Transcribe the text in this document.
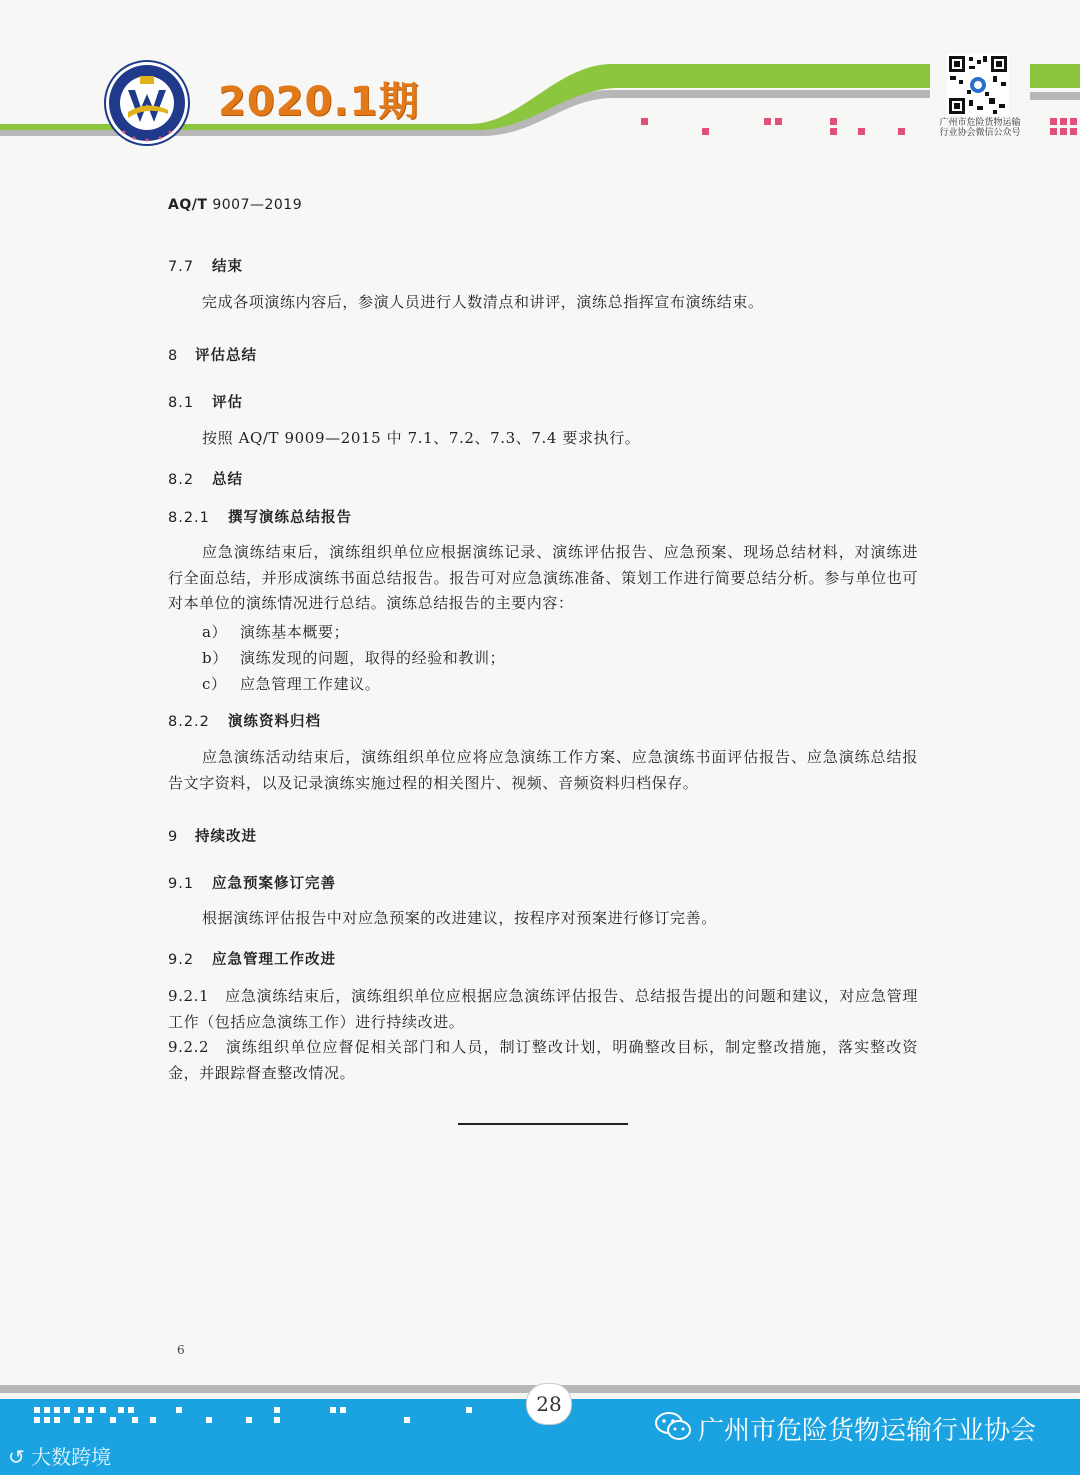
2020.1期	广州市危险货物运输
行业协会微信公众号
AQ/T 9007—2019
7.7 结束
完成各项演练内容后，参演人员进行人数清点和讲评，演练总指挥宣布演练结束。
8 评估总结
8.1 评估
按照 AQ/T 9009—2015 中 7.1、7.2、7.3、7.4 要求执行。
8.2 总结
8.2.1 撰写演练总结报告
应急演练结束后，演练组织单位应根据演练记录、演练评估报告、应急预案、现场总结材料，对演练进行全面总结，并形成演练书面总结报告。报告可对应急演练准备、策划工作进行简要总结分析。参与单位也可对本单位的演练情况进行总结。演练总结报告的主要内容：
a） 演练基本概要；
b） 演练发现的问题，取得的经验和教训；
c） 应急管理工作建议。
8.2.2 演练资料归档
应急演练活动结束后，演练组织单位应将应急演练工作方案、应急演练书面评估报告、应急演练总结报告文字资料，以及记录演练实施过程的相关图片、视频、音频资料归档保存。
9 持续改进
9.1 应急预案修订完善
根据演练评估报告中对应急预案的改进建议，按程序对预案进行修订完善。
9.2 应急管理工作改进
9.2.1　应急演练结束后，演练组织单位应根据应急演练评估报告、总结报告提出的问题和建议，对应急管理工作（包括应急演练工作）进行持续改进。
9.2.2　演练组织单位应督促相关部门和人员，制订整改计划，明确整改目标，制定整改措施，落实整改资金，并跟踪督查整改情况。
6
28
广州市危险货物运输行业协会
↺ 大数跨境
